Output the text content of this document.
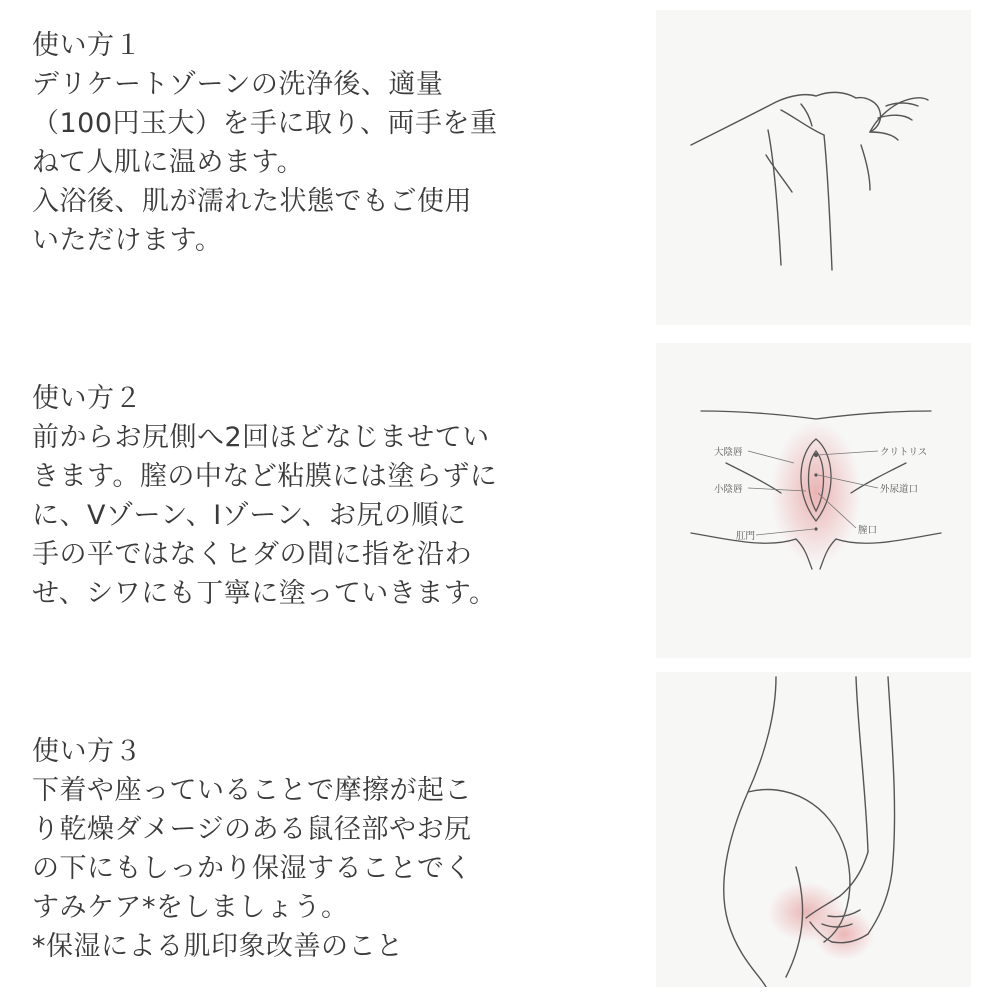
使い方１

デリケートゾーンの洗浄後、適量

（100円玉大）を手に取り、両手を重

ねて人肌に温めます。

入浴後、肌が濡れた状態でもご使用

いただけます。

使い方２

前からお尻側へ2回ほどなじませてい

きます。膣の中など粘膜には塗らずに

に、Vゾーン、Iゾーン、お尻の順に

手の平ではなくヒダの間に指を沿わ

せ、シワにも丁寧に塗っていきます。

大陰唇
小陰唇
肛門
クリトリス
外尿道口
膣口

使い方３

下着や座っていることで摩擦が起こ

り乾燥ダメージのある鼠径部やお尻

の下にもしっかり保湿することでく

すみケア*をしましょう。

*保湿による肌印象改善のこと
